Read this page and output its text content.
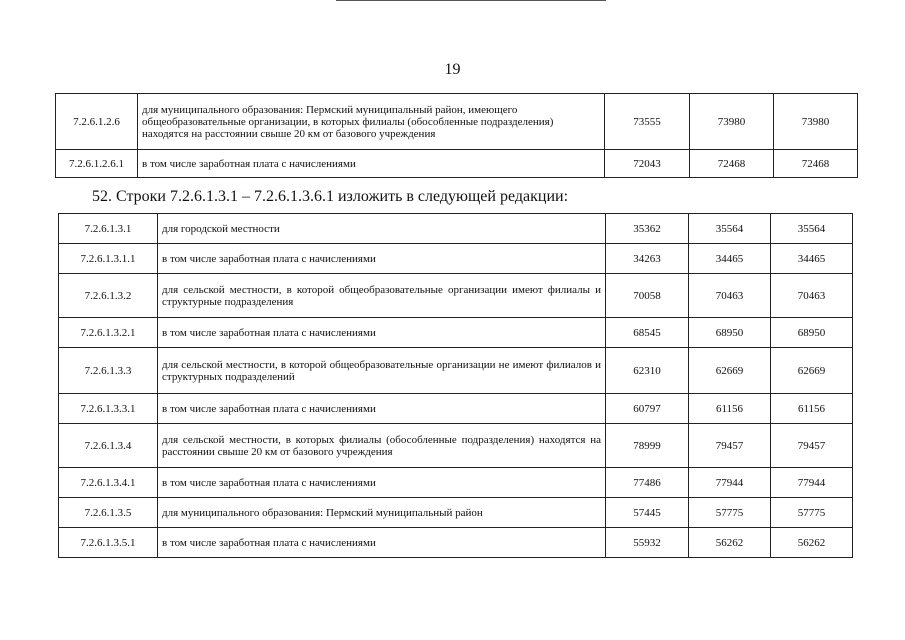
19
7.2.6.1.2.6	для муниципального образования: Пермский муниципальный район, имеющего общеобразовательные организации, в которых филиалы (обособленные подразделения) находятся на расстоянии свыше 20 км от базового учреждения	73555	73980	73980
7.2.6.1.2.6.1	в том числе заработная плата с начислениями	72043	72468	72468
52. Строки 7.2.6.1.3.1 – 7.2.6.1.3.6.1 изложить в следующей редакции:
7.2.6.1.3.1	для городской местности	35362	35564	35564
7.2.6.1.3.1.1	в том числе заработная плата с начислениями	34263	34465	34465
7.2.6.1.3.2	для сельской местности, в которой общеобразовательные организации имеют филиалы и структурные подразделения	70058	70463	70463
7.2.6.1.3.2.1	в том числе заработная плата с начислениями	68545	68950	68950
7.2.6.1.3.3	для сельской местности, в которой общеобразовательные организации не имеют филиалов и структурных подразделений	62310	62669	62669
7.2.6.1.3.3.1	в том числе заработная плата с начислениями	60797	61156	61156
7.2.6.1.3.4	для сельской местности, в которых филиалы (обособленные подразделения) находятся на расстоянии свыше 20 км от базового учреждения	78999	79457	79457
7.2.6.1.3.4.1	в том числе заработная плата с начислениями	77486	77944	77944
7.2.6.1.3.5	для муниципального образования: Пермский муниципальный район	57445	57775	57775
7.2.6.1.3.5.1	в том числе заработная плата с начислениями	55932	56262	56262
